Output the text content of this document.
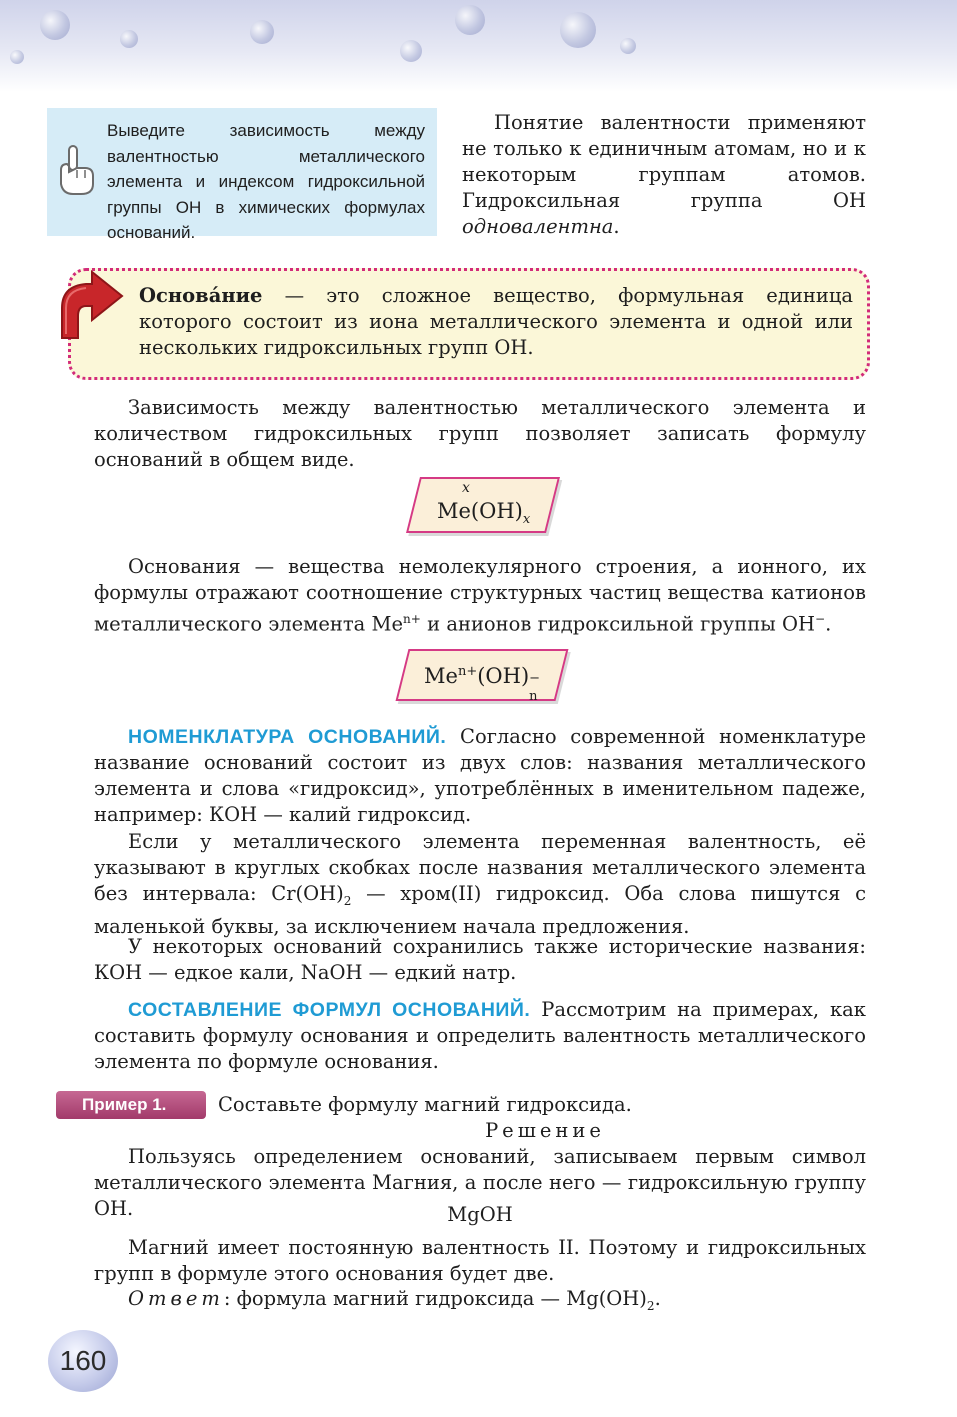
Выведите зависимость между валентностью металлического элемента и индексом гидроксильной группы ОН в химических формулах оснований.

Понятие валентности применяют не только к единичным атомам, но и к некоторым группам атомов. Гидроксильная группа ОН одновалентна.

Основáние — это сложное вещество, формульная единица которого состоит из иона металлического элемента и одной или нескольких гидроксильных групп ОН.

Зависимость между валентностью металлического элемента и количеством гидроксильных групп позволяет записать формулу оснований в общем виде.

x
$Me(OH)_x$

Основания — вещества немолекулярного строения, а ионного, их формулы отражают соотношение структурных частиц вещества катионов металлического элемента $Me^{n+}$ и анионов гидроксильной группы OH−.

$Me^{n+}(OH)$ −
n

НОМЕНКЛАТУРА ОСНОВАНИЙ. Согласно современной номенклатуре название оснований состоит из двух слов: названия металлического элемента и слова «гидроксид», употреблённых в именительном падеже, например: КОН — калий гидроксид.

Если у металлического элемента переменная валентность, её указывают в круглых скобках после названия металлического элемента без интервала: $Cr(OH)_2$ — хром(II) гидроксид. Оба слова пишутся с маленькой буквы, за исключением начала предложения.

У некоторых оснований сохранились также исторические названия: КОН — едкое кали, NaOH — едкий натр.

СОСТАВЛЕНИЕ ФОРМУЛ ОСНОВАНИЙ. Рассмотрим на примерах, как составить формулу основания и определить валентность металлического элемента по формуле основания.

Пример 1.	Составьте формулу магний гидроксида.

Решение

Пользуясь определением оснований, записываем первым символ металлического элемента Магния, а после него — гидроксильную группу ОН.	MgOH

Магний имеет постоянную валентность II. Поэтому и гидроксильных групп в формуле этого основания будет две.

Ответ: формула магний гидроксида — $Mg(OH)_2$.

160
